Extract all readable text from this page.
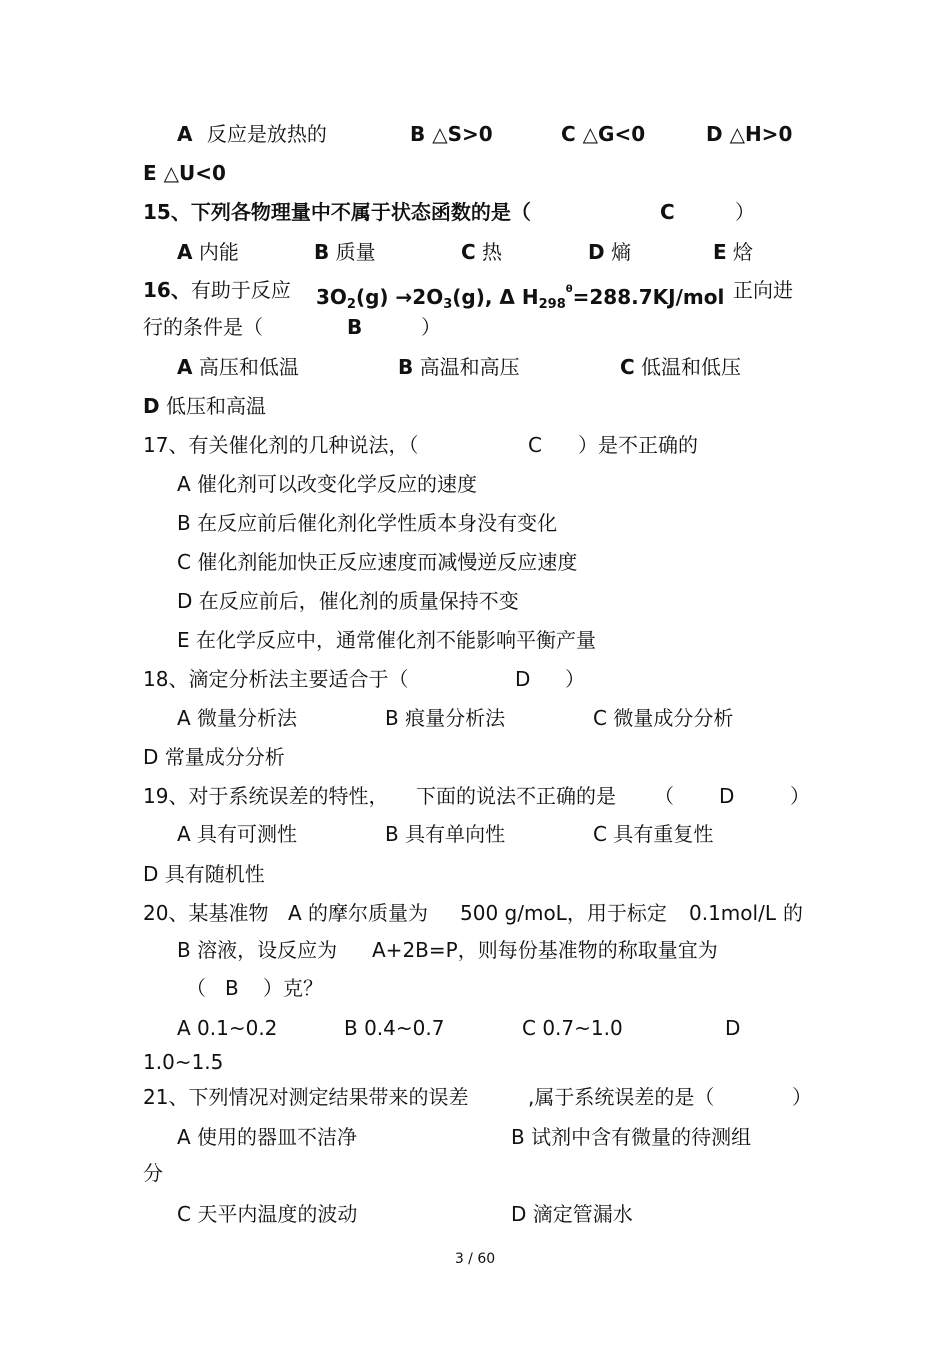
A 反应是放热的	B △S>0	C △G<0	D △H>0
E △U<0
15、下列各物理量中不属于状态函数的是（	C	）
A 内能	B 质量	C 热	D 熵	E 焓
16、有助于反应 $3O_2(g) \to 2O_3(g)$, Δ $H_{298}^\theta=288.7KJ$/mol 正向进
行的条件是（	B	）
A 高压和低温	B 高温和高压	C 低温和低压
D 低压和高温
17、有关催化剂的几种说法，（	C ）是不正确的
A 催化剂可以改变化学反应的速度
B 在反应前后催化剂化学性质本身没有变化
C 催化剂能加快正反应速度而减慢逆反应速度
D 在反应前后，催化剂的质量保持不变
E 在化学反应中，通常催化剂不能影响平衡产量
18、滴定分析法主要适合于（	D ）
A 微量分析法	B 痕量分析法	C 微量成分分析
D 常量成分分析
19、对于系统误差的特性， 下面的说法不正确的是 （ D	）
A 具有可测性	B 具有单向性	C 具有重复性
D 具有随机性
20、某基准物 A 的摩尔质量为 500 g/moL，用于标定 0.1mol/L 的
B 溶液，设反应为 A+2B=P，则每份基准物的称取量宜为
（ B ）克？
A 0.1~0.2	B 0.4~0.7	C 0.7~1.0	D
1.0~1.5
21、下列情况对测定结果带来的误差	,属于系统误差的是（	）
A 使用的器皿不洁净	B 试剂中含有微量的待测组
分
C 天平内温度的波动	D 滴定管漏水
3 / 60
